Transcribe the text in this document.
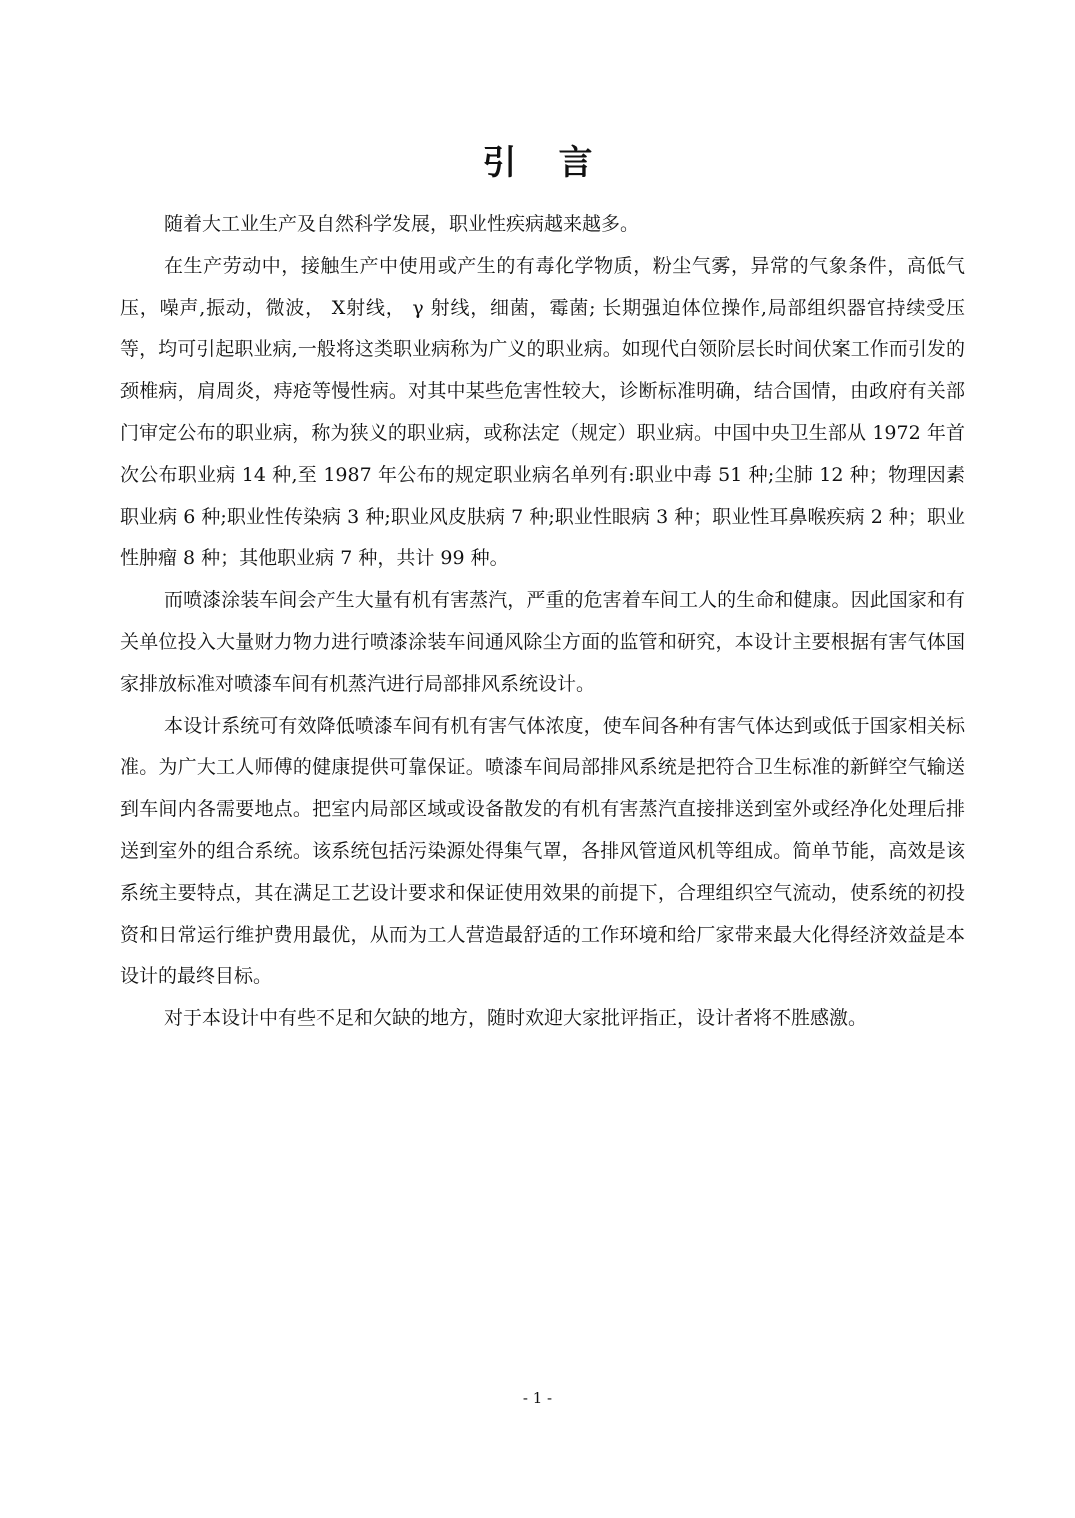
引言

随着大工业生产及自然科学发展，职业性疾病越来越多。

在生产劳动中，接触生产中使用或产生的有毒化学物质，粉尘气雾，异常的气象条件，高低气压，噪声,振动，微波， X射线， γ 射线，细菌，霉菌; 长期强迫体位操作,局部组织器官持续受压等，均可引起职业病,一般将这类职业病称为广义的职业病。如现代白领阶层长时间伏案工作而引发的颈椎病，肩周炎，痔疮等慢性病。对其中某些危害性较大，诊断标准明确，结合国情，由政府有关部门审定公布的职业病，称为狭义的职业病，或称法定（规定）职业病。中国中央卫生部从 1972 年首次公布职业病 14 种,至 1987 年公布的规定职业病名单列有:职业中毒 51 种;尘肺 12 种；物理因素职业病 6 种;职业性传染病 3 种;职业风皮肤病 7 种;职业性眼病 3 种；职业性耳鼻喉疾病 2 种；职业性肿瘤 8 种；其他职业病 7 种，共计 99 种。

而喷漆涂装车间会产生大量有机有害蒸汽，严重的危害着车间工人的生命和健康。因此国家和有关单位投入大量财力物力进行喷漆涂装车间通风除尘方面的监管和研究，本设计主要根据有害气体国家排放标准对喷漆车间有机蒸汽进行局部排风系统设计。

本设计系统可有效降低喷漆车间有机有害气体浓度，使车间各种有害气体达到或低于国家相关标准。为广大工人师傅的健康提供可靠保证。喷漆车间局部排风系统是把符合卫生标准的新鲜空气输送到车间内各需要地点。把室内局部区域或设备散发的有机有害蒸汽直接排送到室外或经净化处理后排送到室外的组合系统。该系统包括污染源处得集气罩，各排风管道风机等组成。简单节能，高效是该系统主要特点，其在满足工艺设计要求和保证使用效果的前提下，合理组织空气流动，使系统的初投资和日常运行维护费用最优，从而为工人营造最舒适的工作环境和给厂家带来最大化得经济效益是本设计的最终目标。

对于本设计中有些不足和欠缺的地方，随时欢迎大家批评指正，设计者将不胜感激。

- 1 -
